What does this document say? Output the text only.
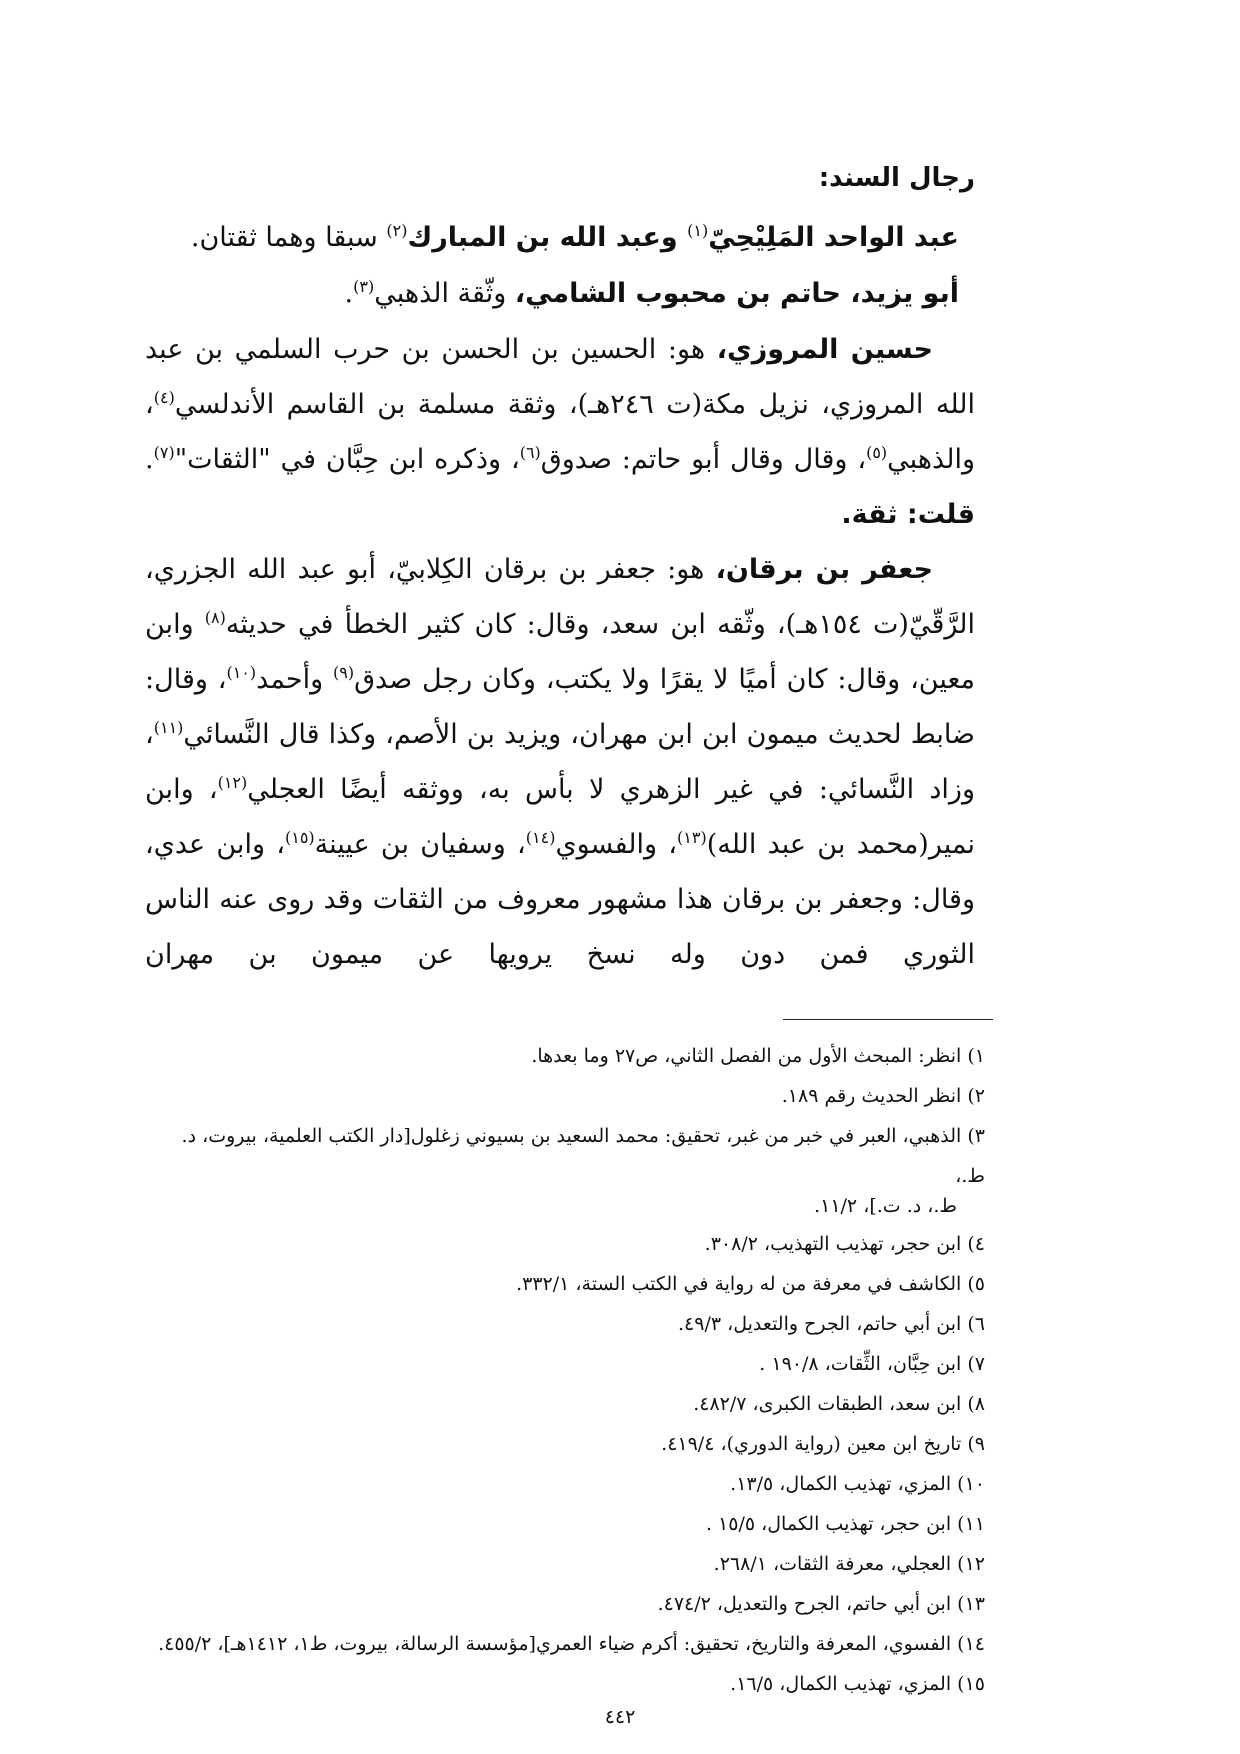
رجال السند:

عبد الواحد المَلِيْحِيّ$^{(١)}$ وعبد الله بن المبارك$^{(٢)}$ سبقا وهما ثقتان.

أبو يزيد، حاتم بن محبوب الشامي، وثّقة الذهبي$^{(٣)}$.

حسين المروزي، هو: الحسين بن الحسن بن حرب السلمي بن عبد الله المروزي، نزيل مكة(ت ٢٤٦هـ)، وثقة مسلمة بن القاسم الأندلسي$^{(٤)}$، والذهبي$^{(٥)}$، وقال وقال أبو حاتم: صدوق$^{(٦)}$، وذكره ابن حِبَّان في "الثقات"$^{(٧)}$. قلت: ثقة.

جعفر بن برقان، هو: جعفر بن برقان الكِلابيّ، أبو عبد الله الجزري، الرَّقّيّ(ت ١٥٤هـ)، وثّقه ابن سعد، وقال: كان كثير الخطأ في حديثه$^{(٨)}$ وابن معين، وقال: كان أميًا لا يقرًا ولا يكتب، وكان رجل صدق$^{(٩)}$ وأحمد$^{(١٠)}$، وقال: ضابط لحديث ميمون ابن ابن مهران، ويزيد بن الأصم، وكذا قال النَّسائي$^{(١١)}$، وزاد النَّسائي: في غير الزهري لا بأس به، ووثقه أيضًا العجلي$^{(١٢)}$، وابن نمير(محمد بن عبد الله)$^{(١٣)}$، والفسوي$^{(١٤)}$، وسفيان بن عيينة$^{(١٥)}$، وابن عدي، وقال: وجعفر بن برقان هذا مشهور معروف من الثقات وقد روى عنه الناس الثوري فمن دون وله نسخ يرويها عن ميمون بن مهران

١) انظر: المبحث الأول من الفصل الثاني، ص٢٧ وما بعدها.

٢) انظر الحديث رقم ١٨٩.

٣) الذهبي، العبر في خبر من غبر، تحقيق: محمد السعيد بن بسيوني زغلول[دار الكتب العلمية، بيروت، د. ط.،

ط.، د. ت.]، ١١/٢.

٤) ابن حجر، تهذيب التهذيب، ٣٠٨/٢.

٥) الكاشف في معرفة من له رواية في الكتب الستة، ٣٣٢/١.

٦) ابن أبي حاتم، الجرح والتعديل، ٤٩/٣.

٧) ابن حِبَّان، الثِّقات، ١٩٠/٨ .

٨) ابن سعد، الطبقات الكبرى، ٤٨٢/٧.

٩) تاريخ ابن معين (رواية الدوري)، ٤١٩/٤.

١٠) المزي، تهذيب الكمال، ١٣/٥.

١١) ابن حجر، تهذيب الكمال، ١٥/٥ .

١٢) العجلي، معرفة الثقات، ٢٦٨/١.

١٣) ابن أبي حاتم، الجرح والتعديل، ٤٧٤/٢.

١٤) الفسوي، المعرفة والتاريخ، تحقيق: أكرم ضياء العمري[مؤسسة الرسالة، بيروت، ط١، ١٤١٢هـ]، ٤٥٥/٢.

١٥) المزي، تهذيب الكمال، ١٦/٥.

٤٤٢
